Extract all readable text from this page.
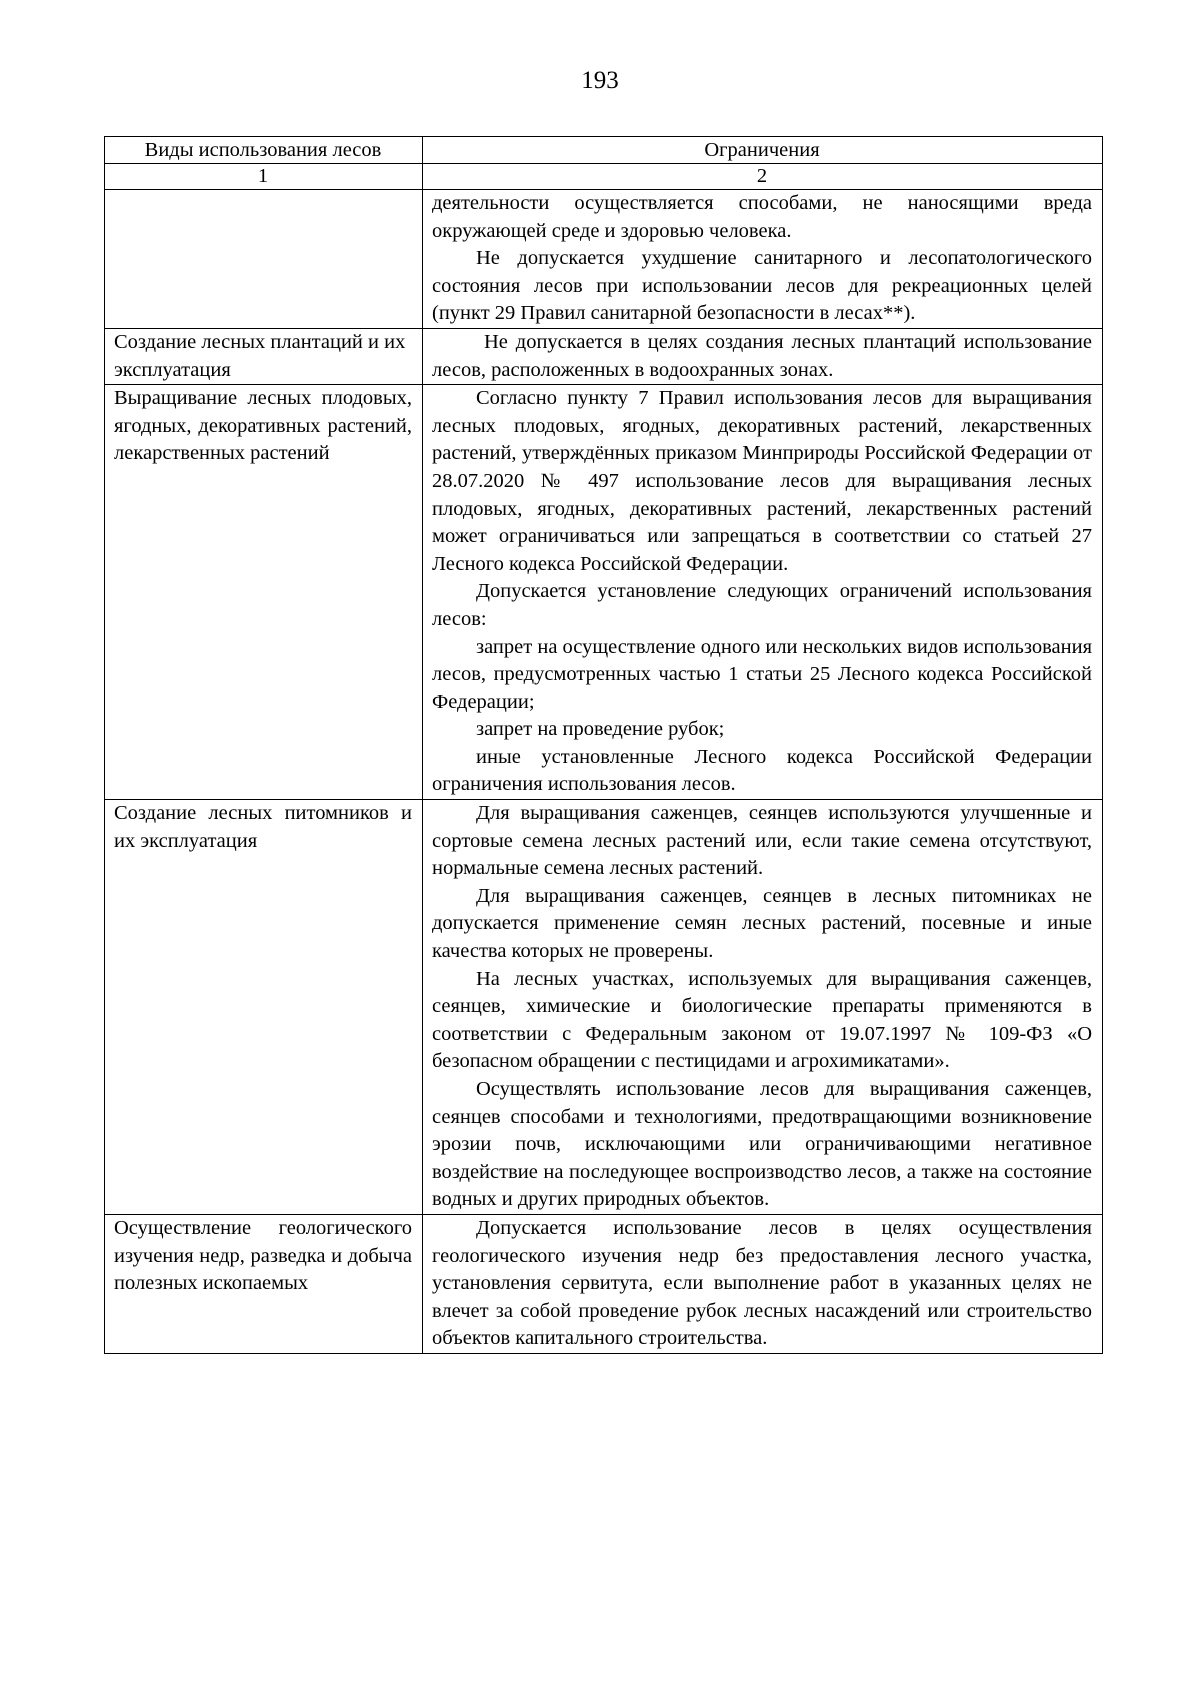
193
Виды использования лесов	Ограничения
1	2

	деятельности осуществляется способами, не наносящими вреда окружающей среде и здоровью человека.

Не допускается ухудшение санитарного и лесопатологического состояния лесов при использовании лесов для рекреационных целей (пункт 29 Правил санитарной безопасности в лесах**).

Создание лесных плантаций и их эксплуатация	Не допускается в целях создания лесных плантаций использование лесов, расположенных в водоохранных зонах.

Выращивание лесных плодовых, ягодных, декоративных растений, лекарственных растений	Согласно пункту 7 Правил использования лесов для выращивания лесных плодовых, ягодных, декоративных растений, лекарственных растений, утверждённых приказом Минприроды Российской Федерации от 28.07.2020 № 497 использование лесов для выращивания лесных плодовых, ягодных, декоративных растений, лекарственных растений может ограничиваться или запрещаться в соответствии со статьей 27 Лесного кодекса Российской Федерации.

Допускается установление следующих ограничений использования лесов:

запрет на осуществление одного или нескольких видов использования лесов, предусмотренных частью 1 статьи 25 Лесного кодекса Российской Федерации;

запрет на проведение рубок;

иные установленные Лесного кодекса Российской Федерации ограничения использования лесов.

Создание лесных питомников и их эксплуатация	Для выращивания саженцев, сеянцев используются улучшенные и сортовые семена лесных растений или, если такие семена отсутствуют, нормальные семена лесных растений.

Для выращивания саженцев, сеянцев в лесных питомниках не допускается применение семян лесных растений, посевные и иные качества которых не проверены.

На лесных участках, используемых для выращивания саженцев, сеянцев, химические и биологические препараты применяются в соответствии с Федеральным законом от 19.07.1997 № 109-ФЗ «О безопасном обращении с пестицидами и агрохимикатами».

Осуществлять использование лесов для выращивания саженцев, сеянцев способами и технологиями, предотвращающими возникновение эрозии почв, исключающими или ограничивающими негативное воздействие на последующее воспроизводство лесов, а также на состояние водных и других природных объектов.

Осуществление геологического изучения недр, разведка и добыча полезных ископаемых	Допускается использование лесов в целях осуществления геологического изучения недр без предоставления лесного участка, установления сервитута, если выполнение работ в указанных целях не влечет за собой проведение рубок лесных насаждений или строительство объектов капитального строительства.
